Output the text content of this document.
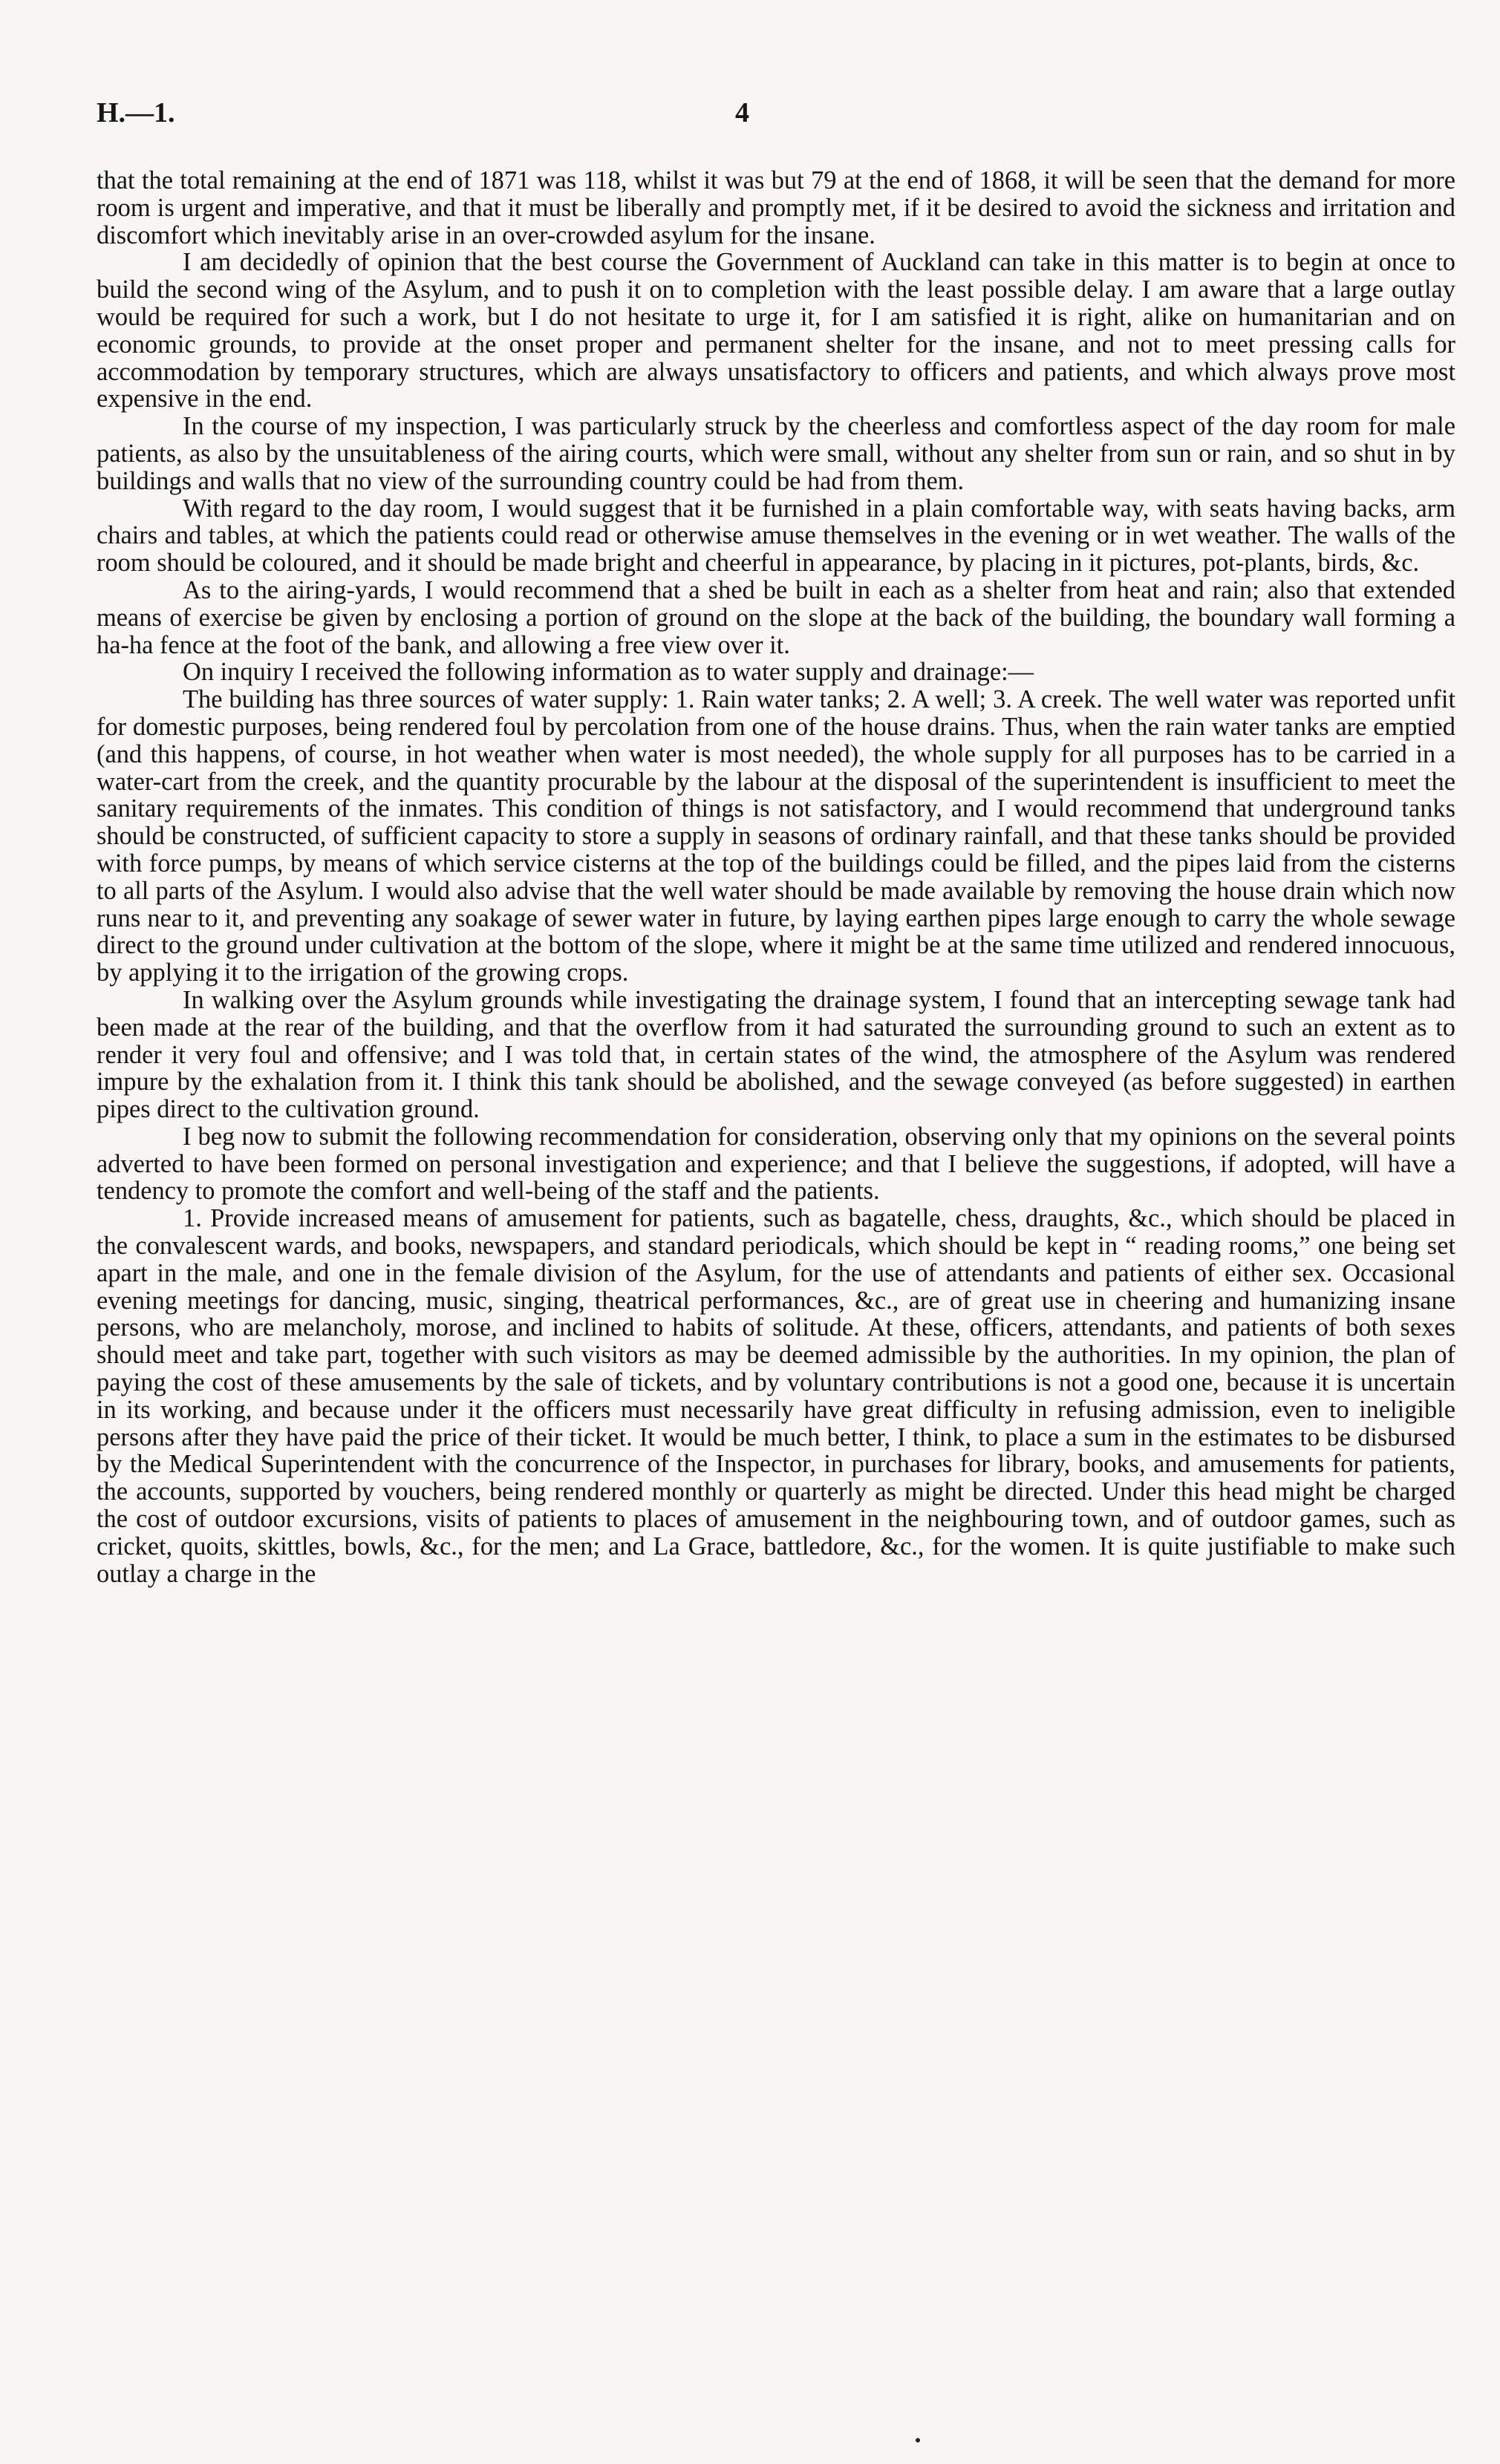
H.—1.	4

that the total remaining at the end of 1871 was 118, whilst it was but 79 at the end of 1868, it will be seen that the demand for more room is urgent and imperative, and that it must be liberally and promptly met, if it be desired to avoid the sickness and irritation and discomfort which inevitably arise in an over-crowded asylum for the insane.

I am decidedly of opinion that the best course the Government of Auckland can take in this matter is to begin at once to build the second wing of the Asylum, and to push it on to completion with the least possible delay. I am aware that a large outlay would be required for such a work, but I do not hesitate to urge it, for I am satisfied it is right, alike on humanitarian and on economic grounds, to provide at the onset proper and permanent shelter for the insane, and not to meet pressing calls for accommodation by temporary structures, which are always unsatisfactory to officers and patients, and which always prove most expensive in the end.

In the course of my inspection, I was particularly struck by the cheerless and comfortless aspect of the day room for male patients, as also by the unsuitableness of the airing courts, which were small, without any shelter from sun or rain, and so shut in by buildings and walls that no view of the surrounding country could be had from them.

With regard to the day room, I would suggest that it be furnished in a plain comfortable way, with seats having backs, arm chairs and tables, at which the patients could read or otherwise amuse themselves in the evening or in wet weather. The walls of the room should be coloured, and it should be made bright and cheerful in appearance, by placing in it pictures, pot-plants, birds, &c.

As to the airing-yards, I would recommend that a shed be built in each as a shelter from heat and rain; also that extended means of exercise be given by enclosing a portion of ground on the slope at the back of the building, the boundary wall forming a ha-ha fence at the foot of the bank, and allowing a free view over it.

On inquiry I received the following information as to water supply and drainage:—

The building has three sources of water supply: 1. Rain water tanks; 2. A well; 3. A creek. The well water was reported unfit for domestic purposes, being rendered foul by percolation from one of the house drains. Thus, when the rain water tanks are emptied (and this happens, of course, in hot weather when water is most needed), the whole supply for all purposes has to be carried in a water-cart from the creek, and the quantity procurable by the labour at the disposal of the superintendent is insufficient to meet the sanitary requirements of the inmates. This condition of things is not satisfactory, and I would recommend that underground tanks should be constructed, of sufficient capacity to store a supply in seasons of ordinary rainfall, and that these tanks should be provided with force pumps, by means of which service cisterns at the top of the buildings could be filled, and the pipes laid from the cisterns to all parts of the Asylum. I would also advise that the well water should be made available by removing the house drain which now runs near to it, and preventing any soakage of sewer water in future, by laying earthen pipes large enough to carry the whole sewage direct to the ground under cultivation at the bottom of the slope, where it might be at the same time utilized and rendered innocuous, by applying it to the irrigation of the growing crops.

In walking over the Asylum grounds while investigating the drainage system, I found that an intercepting sewage tank had been made at the rear of the building, and that the overflow from it had saturated the surrounding ground to such an extent as to render it very foul and offensive; and I was told that, in certain states of the wind, the atmosphere of the Asylum was rendered impure by the exhalation from it. I think this tank should be abolished, and the sewage conveyed (as before suggested) in earthen pipes direct to the cultivation ground.

I beg now to submit the following recommendation for consideration, observing only that my opinions on the several points adverted to have been formed on personal investigation and experience; and that I believe the suggestions, if adopted, will have a tendency to promote the comfort and well-being of the staff and the patients.

1. Provide increased means of amusement for patients, such as bagatelle, chess, draughts, &c., which should be placed in the convalescent wards, and books, newspapers, and standard periodicals, which should be kept in “ reading rooms,” one being set apart in the male, and one in the female division of the Asylum, for the use of attendants and patients of either sex. Occasional evening meetings for dancing, music, singing, theatrical performances, &c., are of great use in cheering and humanizing insane persons, who are melancholy, morose, and inclined to habits of solitude. At these, officers, attendants, and patients of both sexes should meet and take part, together with such visitors as may be deemed admissible by the authorities. In my opinion, the plan of paying the cost of these amusements by the sale of tickets, and by voluntary contributions is not a good one, because it is uncertain in its working, and because under it the officers must necessarily have great difficulty in refusing admission, even to ineligible persons after they have paid the price of their ticket. It would be much better, I think, to place a sum in the estimates to be disbursed by the Medical Superintendent with the concurrence of the Inspector, in purchases for library, books, and amusements for patients, the accounts, supported by vouchers, being rendered monthly or quarterly as might be directed. Under this head might be charged the cost of outdoor excursions, visits of patients to places of amusement in the neighbouring town, and of outdoor games, such as cricket, quoits, skittles, bowls, &c., for the men; and La Grace, battledore, &c., for the women. It is quite justifiable to make such outlay a charge in the
